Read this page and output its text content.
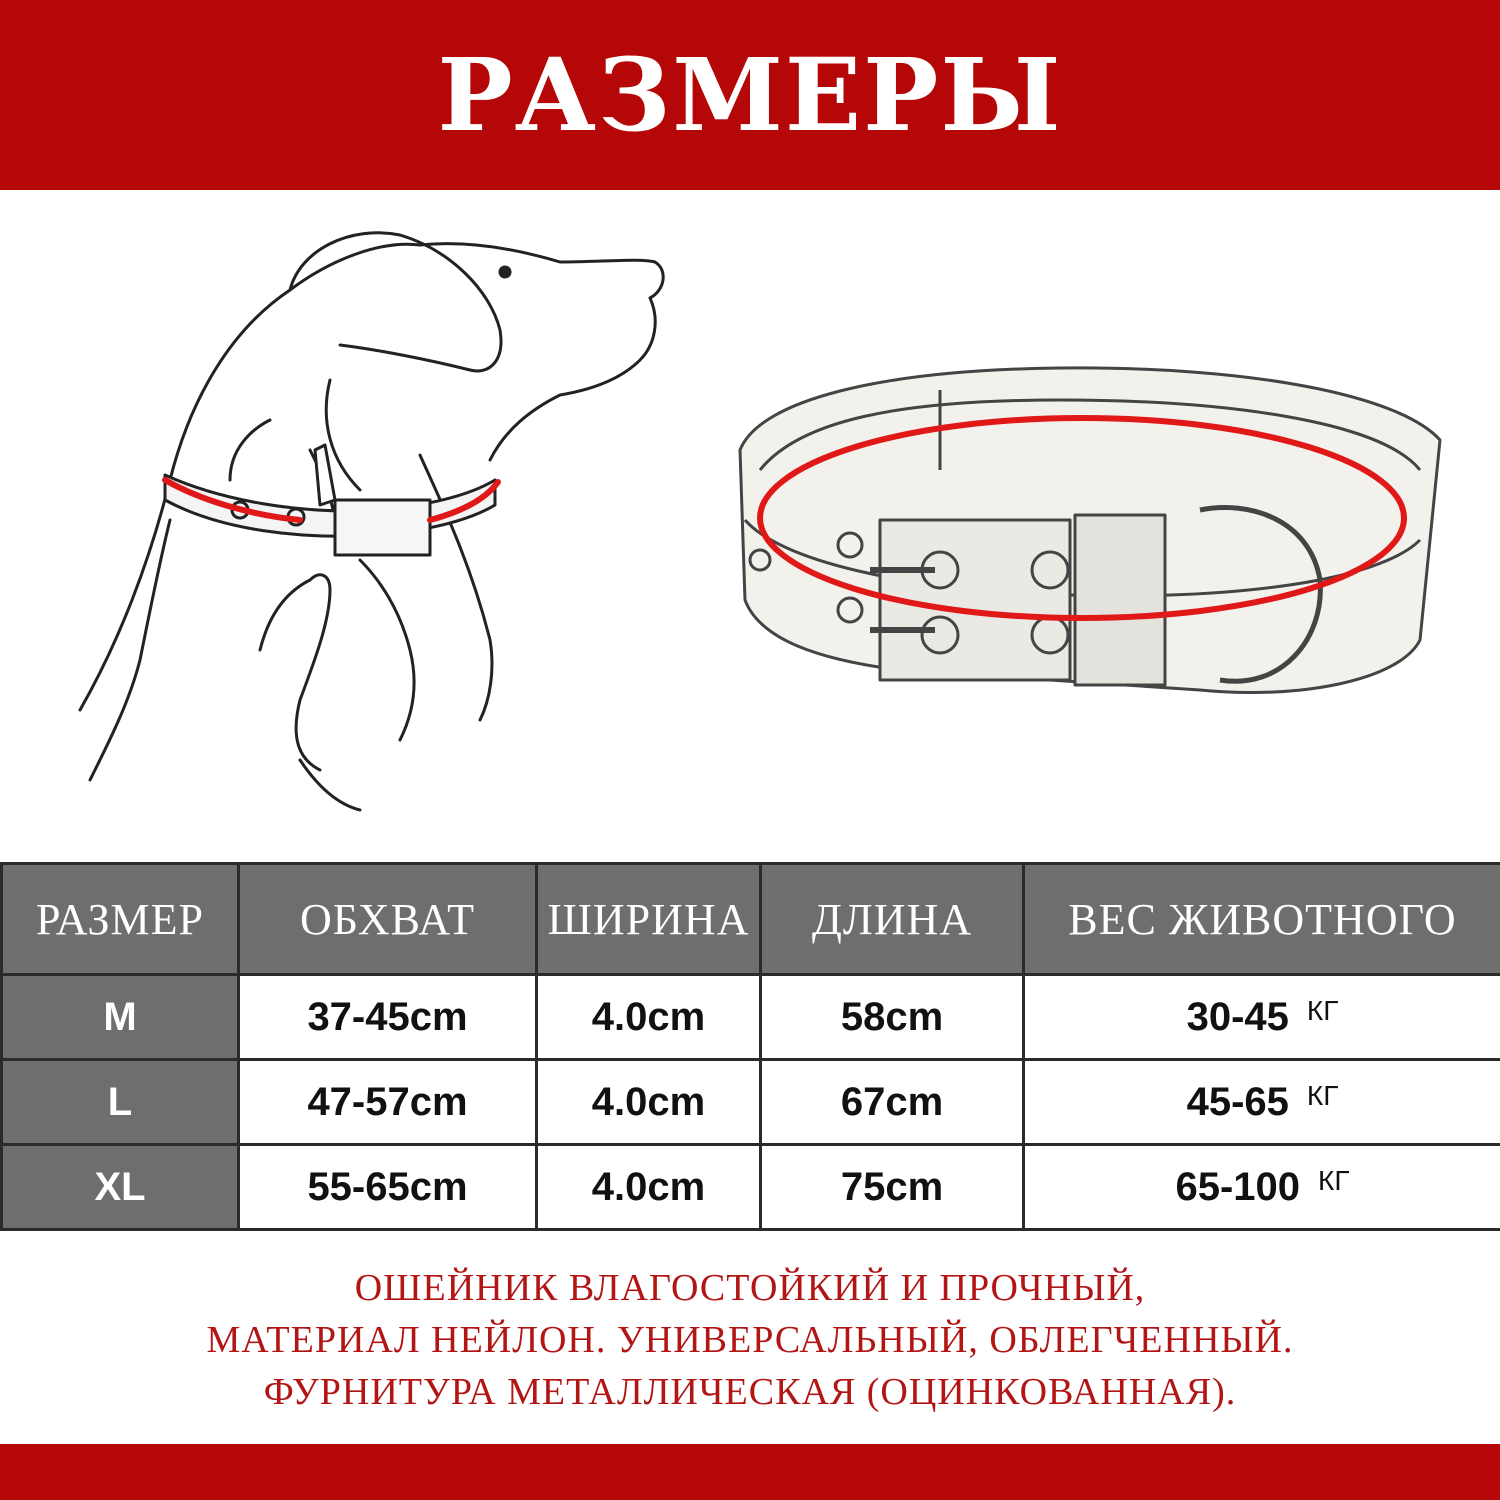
РАЗМЕРЫ
РАЗМЕР	ОБХВАТ	ШИРИНА	ДЛИНА	ВЕС ЖИВОТНОГО
M	37-45cm	4.0cm	58cm	30-45 $^{КГ}$
L	47-57cm	4.0cm	67cm	45-65 $^{КГ}$
XL	55-65cm	4.0cm	75cm	65-100 $^{КГ}$
ОШЕЙНИК ВЛАГОСТОЙКИЙ И ПРОЧНЫЙ,
МАТЕРИАЛ НЕЙЛОН. УНИВЕРСАЛЬНЫЙ, ОБЛЕГЧЕННЫЙ.
ФУРНИТУРА МЕТАЛЛИЧЕСКАЯ (ОЦИНКОВАННАЯ).
